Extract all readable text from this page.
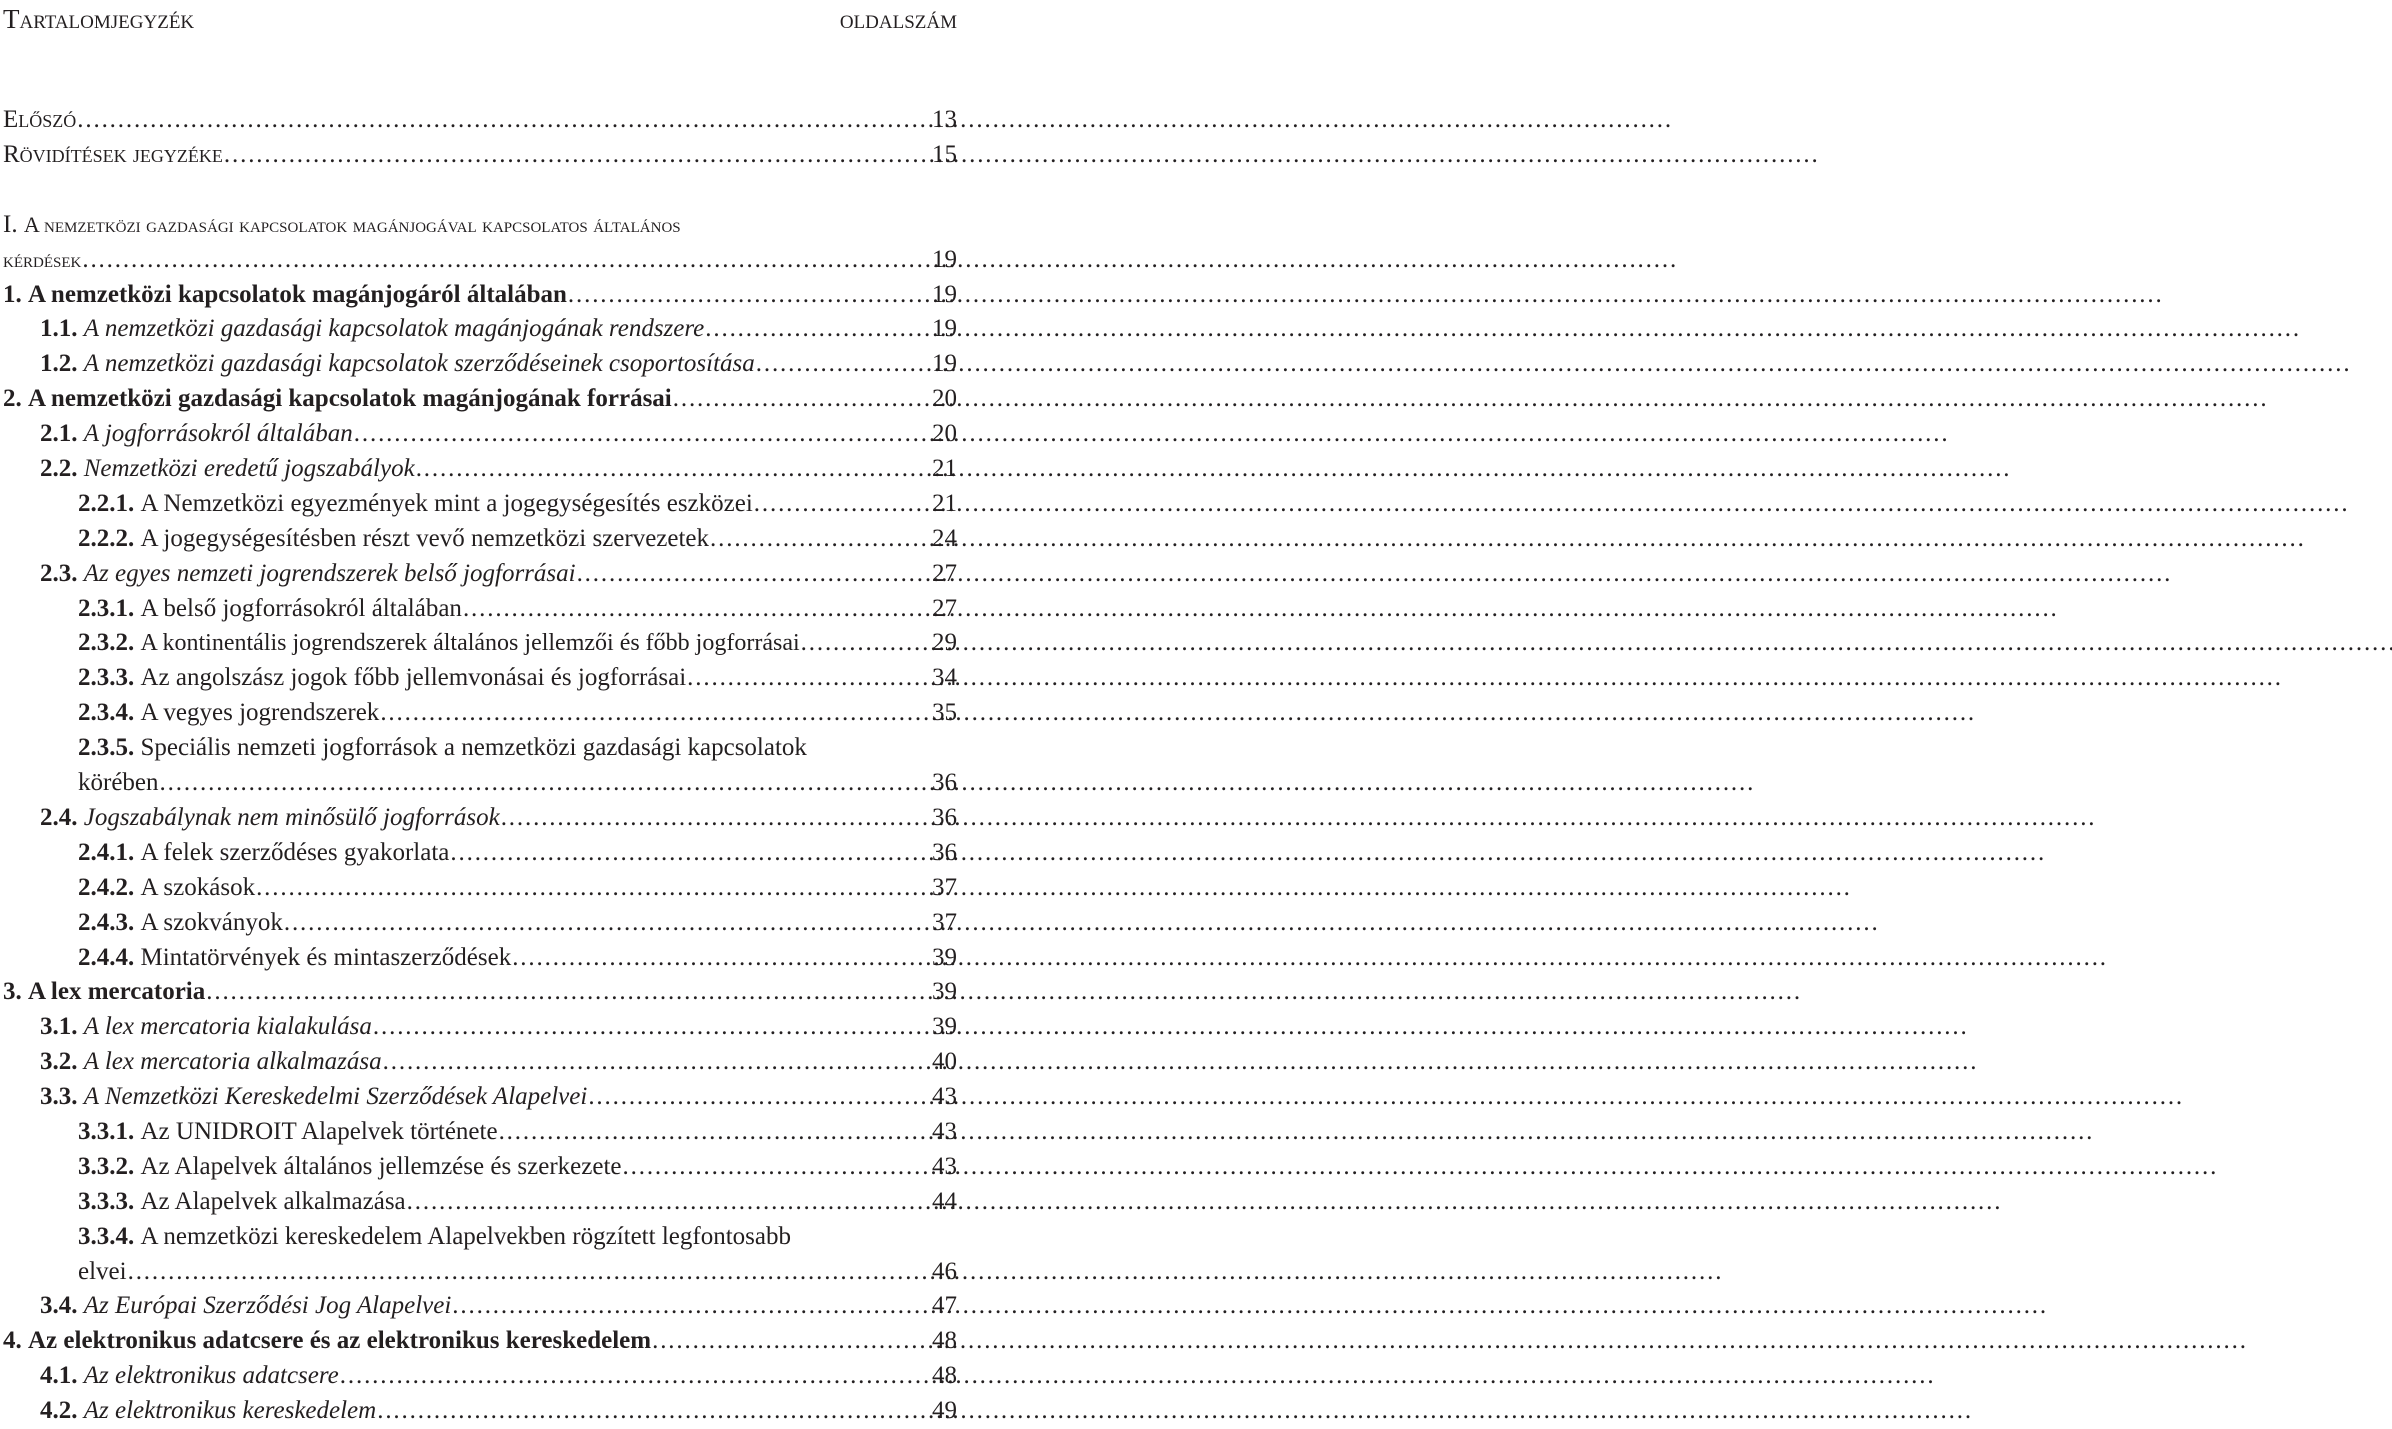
Tartalomjegyzék	oldalszám
Előszó . . .	13
Rövidítések jegyzéke . . .	15
I. A nemzetközi gazdasági kapcsolatok magánjogával kapcsolatos általános
kérdések . . .	19
1. A nemzetközi kapcsolatok magánjogáról általában . . .	19
1.1. A nemzetközi gazdasági kapcsolatok magánjogának rendszere . . .	19
1.2. A nemzetközi gazdasági kapcsolatok szerződéseinek csoportosítása . . .	19
2. A nemzetközi gazdasági kapcsolatok magánjogának forrásai . . .	20
2.1. A jogforrásokról általában . . .	20
2.2. Nemzetközi eredetű jogszabályok . . .	21
2.2.1. A Nemzetközi egyezmények mint a jogegységesítés eszközei . . .	21
2.2.2. A jogegységesítésben részt vevő nemzetközi szervezetek . . .	24
2.3. Az egyes nemzeti jogrendszerek belső jogforrásai . . .	27
2.3.1. A belső jogforrásokról általában . . .	27
2.3.2. A kontinentális jogrendszerek általános jellemzői és főbb jogforrásai . . .	29
2.3.3. Az angolszász jogok főbb jellemvonásai és jogforrásai . . .	34
2.3.4. A vegyes jogrendszerek . . .	35
2.3.5. Speciális nemzeti jogforrások a nemzetközi gazdasági kapcsolatok
körében . . .	36
2.4. Jogszabálynak nem minősülő jogforrások . . .	36
2.4.1. A felek szerződéses gyakorlata . . .	36
2.4.2. A szokások . . .	37
2.4.3. A szokványok . . .	37
2.4.4. Mintatörvények és mintaszerződések . . .	39
3. A lex mercatoria . . .	39
3.1. A lex mercatoria kialakulása . . .	39
3.2. A lex mercatoria alkalmazása . . .	40
3.3. A Nemzetközi Kereskedelmi Szerződések Alapelvei . . .	43
3.3.1. Az UNIDROIT Alapelvek története . . .	43
3.3.2. Az Alapelvek általános jellemzése és szerkezete . . .	43
3.3.3. Az Alapelvek alkalmazása . . .	44
3.3.4. A nemzetközi kereskedelem Alapelvekben rögzített legfontosabb
elvei . . .	46
3.4. Az Európai Szerződési Jog Alapelvei . . .	47
4. Az elektronikus adatcsere és az elektronikus kereskedelem . . .	48
4.1. Az elektronikus adatcsere . . .	48
4.2. Az elektronikus kereskedelem . . .	49
